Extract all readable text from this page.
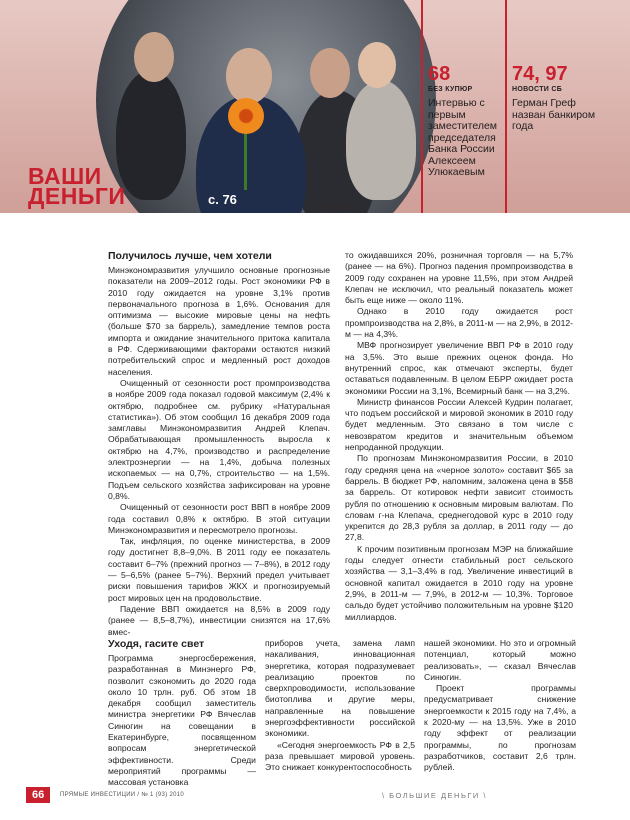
с. 76
ОЛЕГ БЛАСОВ
ВАШИ
ДЕНЬГИ
68
БЕЗ КУПЮР
Интервью с первым заместителем председателя Банка России Алексеем Улюкаевым
74, 97
НОВОСТИ СБ
Герман Греф назван банкиром года
Получилось лучше, чем хотели

Минэкономразвития улучшило основные прогнозные показатели на 2009–2012 годы. Рост экономики РФ в 2010 году ожидается на уровне 3,1% против первоначального прогноза в 1,6%. Основания для оптимизма — высокие мировые цены на нефть (больше $70 за баррель), замедление темпов роста импорта и ожидание значительного притока капитала в РФ. Сдерживающими факторами остаются низкий потребительский спрос и медленный рост доходов населения.

Очищенный от сезонности рост промпроизводства в ноябре 2009 года показал годовой максимум (2,4% к октябрю, подробнее см. рубрику «Натуральная статистика»). Об этом сообщил 16 декабря 2009 года замглавы Минэкономразвития Андрей Клепач. Обрабатывающая промышленность выросла к октябрю на 4,7%, производство и распределение электроэнергии — на 1,4%, добыча полезных ископаемых — на 0,7%, строительство — на 1,5%. Подъем сельского хозяйства зафиксирован на уровне 0,8%.

Очищенный от сезонности рост ВВП в ноябре 2009 года составил 0,8% к октябрю. В этой ситуации Минэкономразвития и пересмотрело прогнозы.

Так, инфляция, по оценке министерства, в 2009 году достигнет 8,8–9,0%. В 2011 году ее показатель составит 6–7% (прежний прогноз — 7–8%), в 2012 году — 5–6,5% (ранее 5–7%). Верхний предел учитывает риски повышения тарифов ЖКХ и прогнозируемый рост мировых цен на продовольствие.

Падение ВВП ожидается на 8,5% в 2009 году (ранее — 8,5–8,7%), инвестиции снизятся на 17,6% вмес-

то ожидавшихся 20%, розничная торговля — на 5,7% (ранее — на 6%). Прогноз падения промпроизводства в 2009 году сохранен на уровне 11,5%, при этом Андрей Клепач не исключил, что реальный показатель может быть еще ниже — около 11%.

Однако в 2010 году ожидается рост промпроизводства на 2,8%, в 2011-м — на 2,9%, в 2012-м — на 4,3%.

МВФ прогнозирует увеличение ВВП РФ в 2010 году на 3,5%. Это выше прежних оценок фонда. Но внутренний спрос, как отмечают эксперты, будет оставаться подавленным. В целом ЕБРР ожидает роста экономики России на 3,1%, Всемирный банк — на 3,2%.

Министр финансов России Алексей Кудрин полагает, что подъем российской и мировой экономик в 2010 году будет медленным. Это связано в том числе с невозвратом кредитов и значительным объемом непроданной продукции.

По прогнозам Минэкономразвития России, в 2010 году средняя цена на «черное золото» составит $65 за баррель. В бюджет РФ, напомним, заложена цена в $58 за баррель. От котировок нефти зависит стоимость рубля по отношению к основным мировым валютам. По словам г-на Клепача, среднегодовой курс в 2010 году укрепится до 28,3 рубля за доллар, в 2011 году — до 27,8.

К прочим позитивным прогнозам МЭР на ближайшие годы следует отнести стабильный рост сельского хозяйства — 3,1–3,4% в год. Увеличение инвестиций в основной капитал ожидается в 2010 году на уровне 2,9%, в 2011-м — 7,9%, в 2012-м — 10,3%. Торговое сальдо будет устойчиво положительным на уровне $120 миллиардов.

Уходя, гасите свет

Программа энергосбережения, разработанная в Минэнерго РФ, позволит сэкономить до 2020 года около 10 трлн. руб. Об этом 18 декабря сообщил заместитель министра энергетики РФ Вячеслав Синюгин на совещании в Екатеринбурге, посвященном вопросам энергетической эффективности. Среди мероприятий программы — массовая установка

приборов учета, замена ламп накаливания, инновационная энергетика, которая подразумевает реализацию проектов по сверхпроводимости, использование биотоплива и другие меры, направленные на повышение энергоэффективности российской экономики.

«Сегодня энергоемкость РФ в 2,5 раза превышает мировой уровень. Это снижает конкурентоспособность

нашей экономики. Но это и огромный потенциал, который можно реализовать», — сказал Вячеслав Синюгин.

Проект программы предусматривает снижение энергоемкости к 2015 году на 7,4%, а к 2020-му — на 13,5%. Уже в 2010 году эффект от реализации программы, по прогнозам разработчиков, составит 2,6 трлн. рублей.

66	ПРЯМЫЕ ИНВЕСТИЦИИ / № 1 (93) 2010	\ БОЛЬШИЕ ДЕНЬГИ \
